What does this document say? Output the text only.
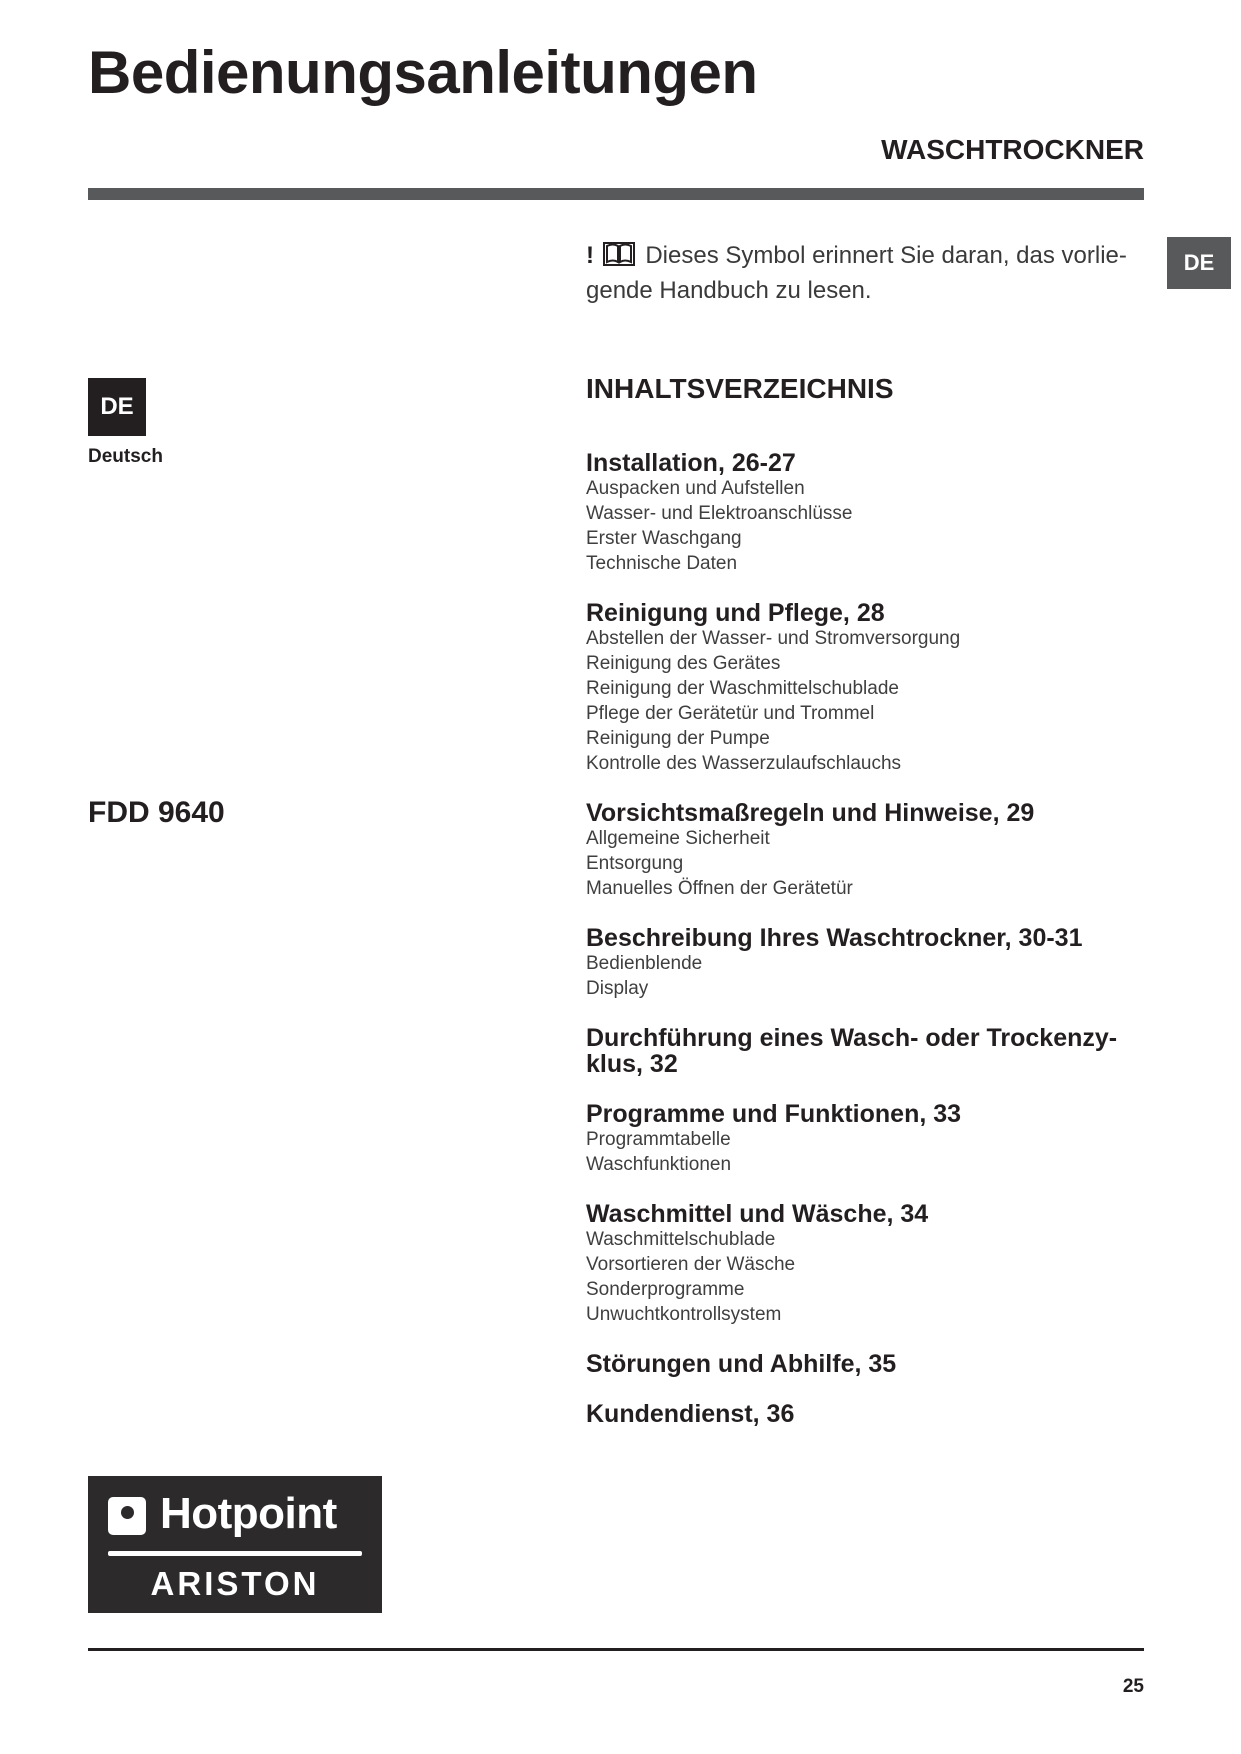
Bedienungsanleitungen
WASCHTROCKNER
DE
DE
Deutsch
FDD 9640
! Dieses Symbol erinnert Sie daran, das vorlie- gende Handbuch zu lesen.
INHALTSVERZEICHNIS
Installation, 26-27
Auspacken und Aufstellen
Wasser- und Elektroanschlüsse
Erster Waschgang
Technische Daten
Reinigung und Pflege, 28
Abstellen der Wasser- und Stromversorgung
Reinigung des Gerätes
Reinigung der Waschmittelschublade
Pflege der Gerätetür und Trommel
Reinigung der Pumpe
Kontrolle des Wasserzulaufschlauchs
Vorsichtsmaßregeln und Hinweise, 29
Allgemeine Sicherheit
Entsorgung
Manuelles Öffnen der Gerätetür
Beschreibung Ihres Waschtrockner, 30-31
Bedienblende
Display
Durchführung eines Wasch- oder Trockenzy- klus, 32
Programme und Funktionen, 33
Programmtabelle
Waschfunktionen
Waschmittel und Wäsche, 34
Waschmittelschublade
Vorsortieren der Wäsche
Sonderprogramme
Unwuchtkontrollsystem
Störungen und Abhilfe, 35
Kundendienst, 36
Hotpoint
ARISTON
25
